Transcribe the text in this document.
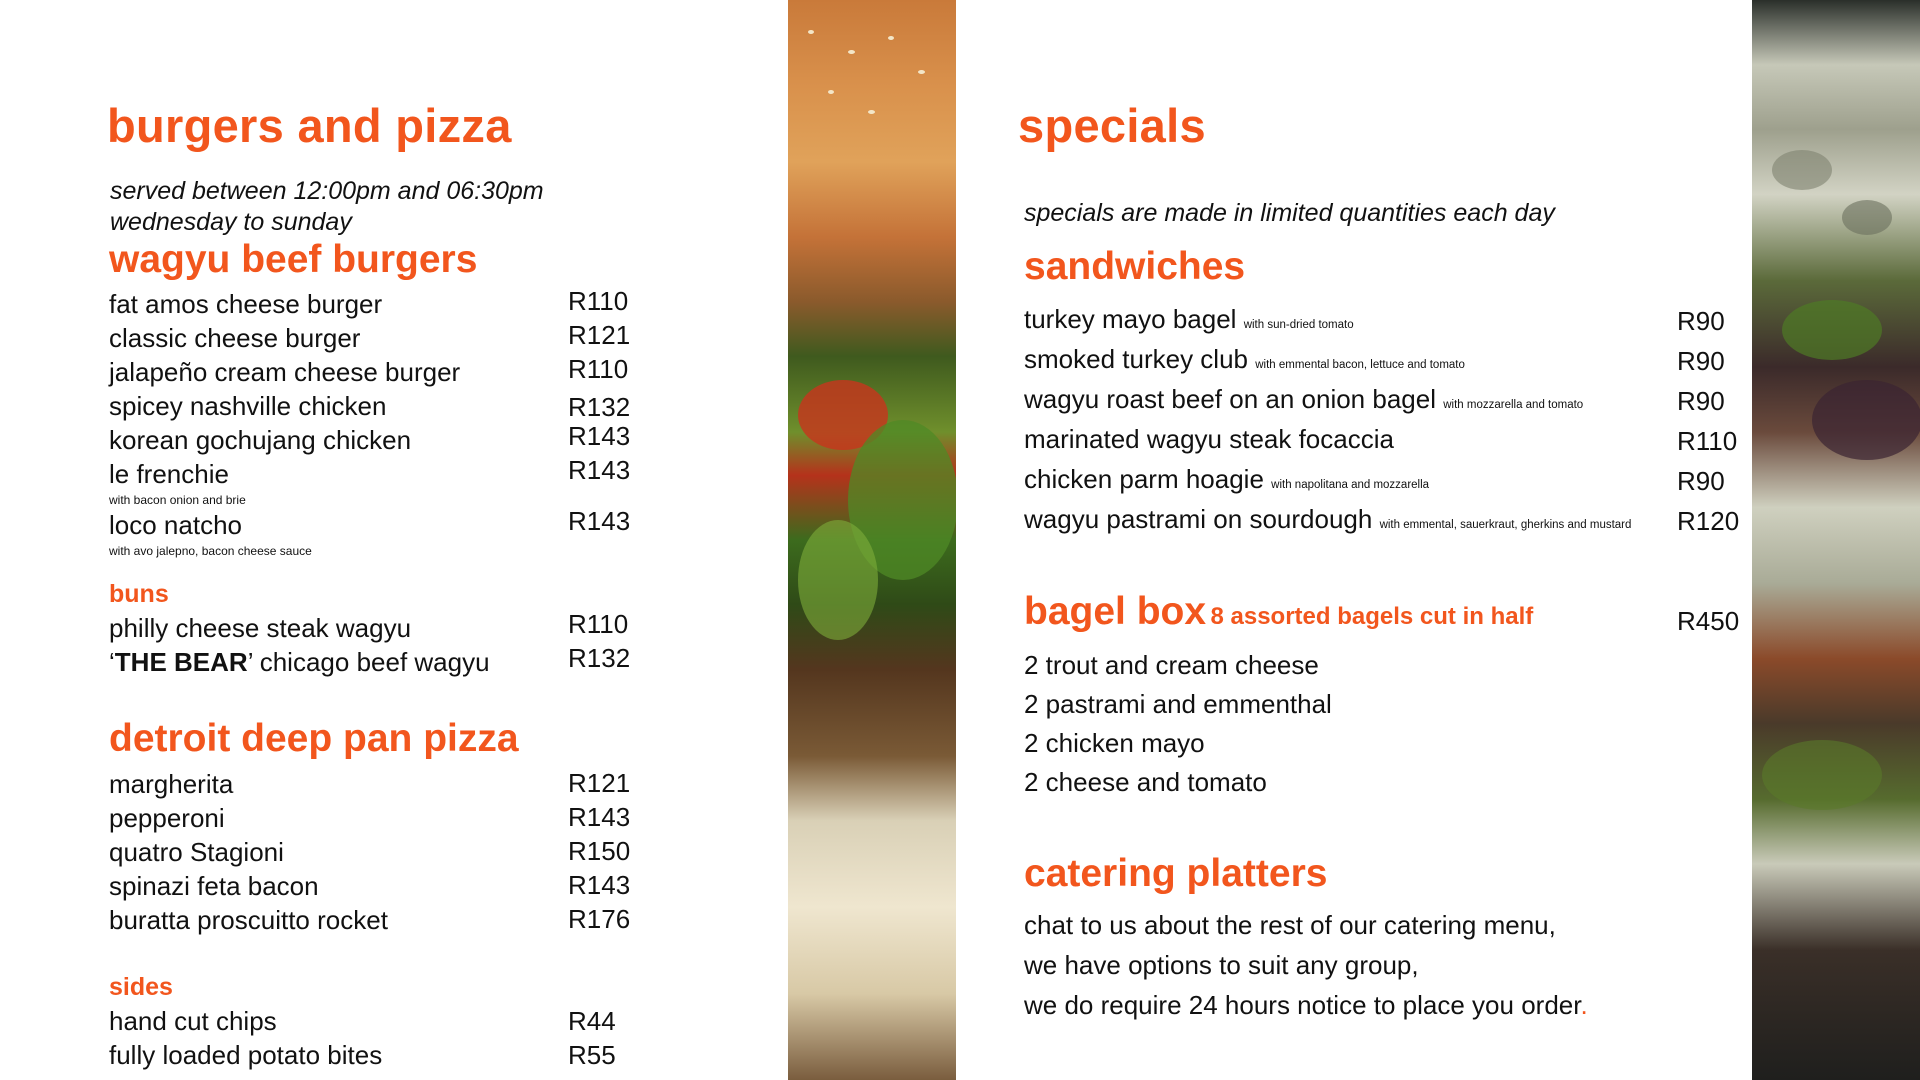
burgers and pizza
served between 12:00pm and 06:30pm
wednesday to sunday
wagyu beef burgers
fat amos cheese burger	R110
classic cheese burger	R121
jalapeño cream cheese burger	R110
spicey nashville chicken	R132
korean gochujang chicken	R143
le frenchie	R143
with bacon onion and brie
loco natcho	R143
with avo jalepno, bacon cheese sauce
buns
philly cheese steak wagyu	R110
‘THE BEAR’ chicago beef wagyu	R132
detroit deep pan pizza
margherita	R121
pepperoni	R143
quatro Stagioni	R150
spinazi feta bacon	R143
buratta proscuitto rocket	R176
sides
hand cut chips	R44
fully loaded potato bites	R55
specials
specials are made in limited quantities each day
sandwiches
turkey mayo bagel with sun-dried tomato	R90
smoked turkey club with emmental bacon, lettuce and tomato	R90
wagyu roast beef on an onion bagel with mozzarella and tomato	R90
marinated wagyu steak focaccia	R110
chicken parm hoagie with napolitana and mozzarella	R90
wagyu pastrami on sourdough with emmental, sauerkraut, gherkins and mustard R120
bagel box 8 assorted bagels cut in half	R450
2 trout and cream cheese
2 pastrami and emmenthal
2 chicken mayo
2 cheese and tomato
catering platters
chat to us about the rest of our catering menu,
we have options to suit any group,
we do require 24 hours notice to place you order.
